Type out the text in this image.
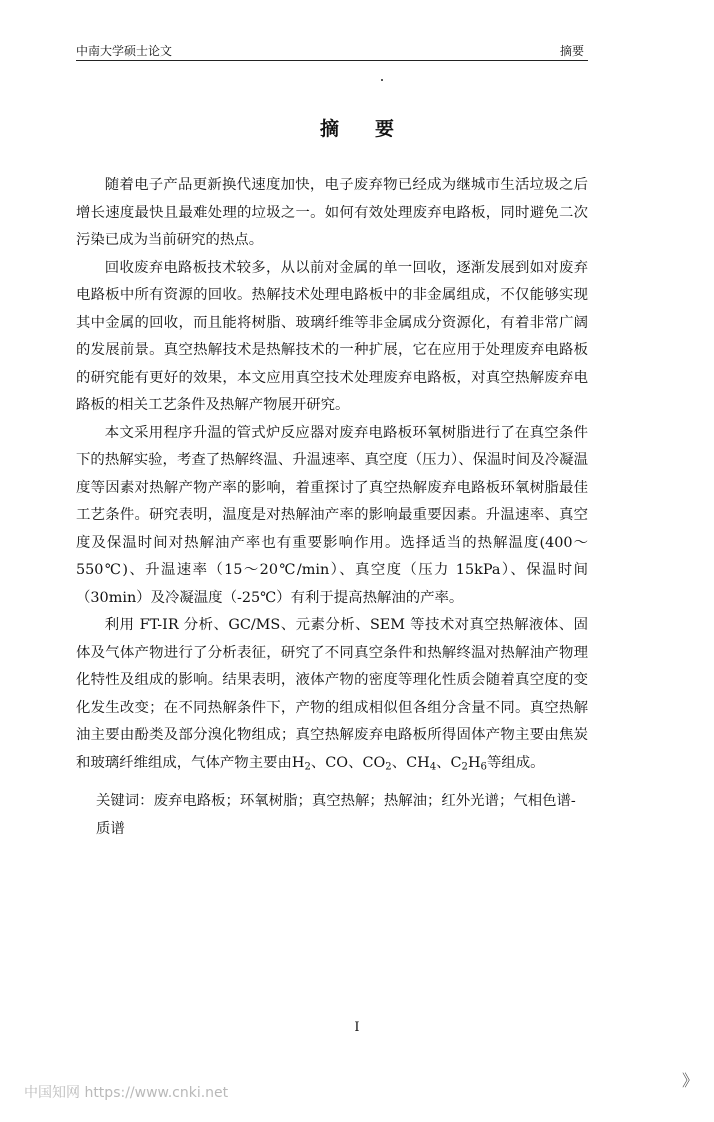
中南大学硕士论文	摘要
摘要

随着电子产品更新换代速度加快，电子废弃物已经成为继城市生活垃圾之后增长速度最快且最难处理的垃圾之一。如何有效处理废弃电路板，同时避免二次污染已成为当前研究的热点。

回收废弃电路板技术较多，从以前对金属的单一回收，逐渐发展到如对废弃电路板中所有资源的回收。热解技术处理电路板中的非金属组成，不仅能够实现其中金属的回收，而且能将树脂、玻璃纤维等非金属成分资源化，有着非常广阔的发展前景。真空热解技术是热解技术的一种扩展，它在应用于处理废弃电路板的研究能有更好的效果，本文应用真空技术处理废弃电路板，对真空热解废弃电路板的相关工艺条件及热解产物展开研究。

本文采用程序升温的管式炉反应器对废弃电路板环氧树脂进行了在真空条件下的热解实验，考查了热解终温、升温速率、真空度（压力）、保温时间及冷凝温度等因素对热解产物产率的影响，着重探讨了真空热解废弃电路板环氧树脂最佳工艺条件。研究表明，温度是对热解油产率的影响最重要因素。升温速率、真空度及保温时间对热解油产率也有重要影响作用。选择适当的热解温度(400～550℃)、升温速率（15～20℃/min）、真空度（压力 15kPa）、保温时间（30min）及冷凝温度（-25℃）有利于提高热解油的产率。

利用 FT-IR 分析、GC/MS、元素分析、SEM 等技术对真空热解液体、固体及气体产物进行了分析表征，研究了不同真空条件和热解终温对热解油产物理化特性及组成的影响。结果表明，液体产物的密度等理化性质会随着真空度的变化发生改变；在不同热解条件下，产物的组成相似但各组分含量不同。真空热解油主要由酚类及部分溴化物组成；真空热解废弃电路板所得固体产物主要由焦炭和玻璃纤维组成，气体产物主要由$H_2$、CO、$CO_2$、$CH_4$、$C_2H_6$等组成。

关键词：废弃电路板；环氧树脂；真空热解；热解油；红外光谱；气相色谱-质谱
I
中国知网 https://www.cnki.net
》
